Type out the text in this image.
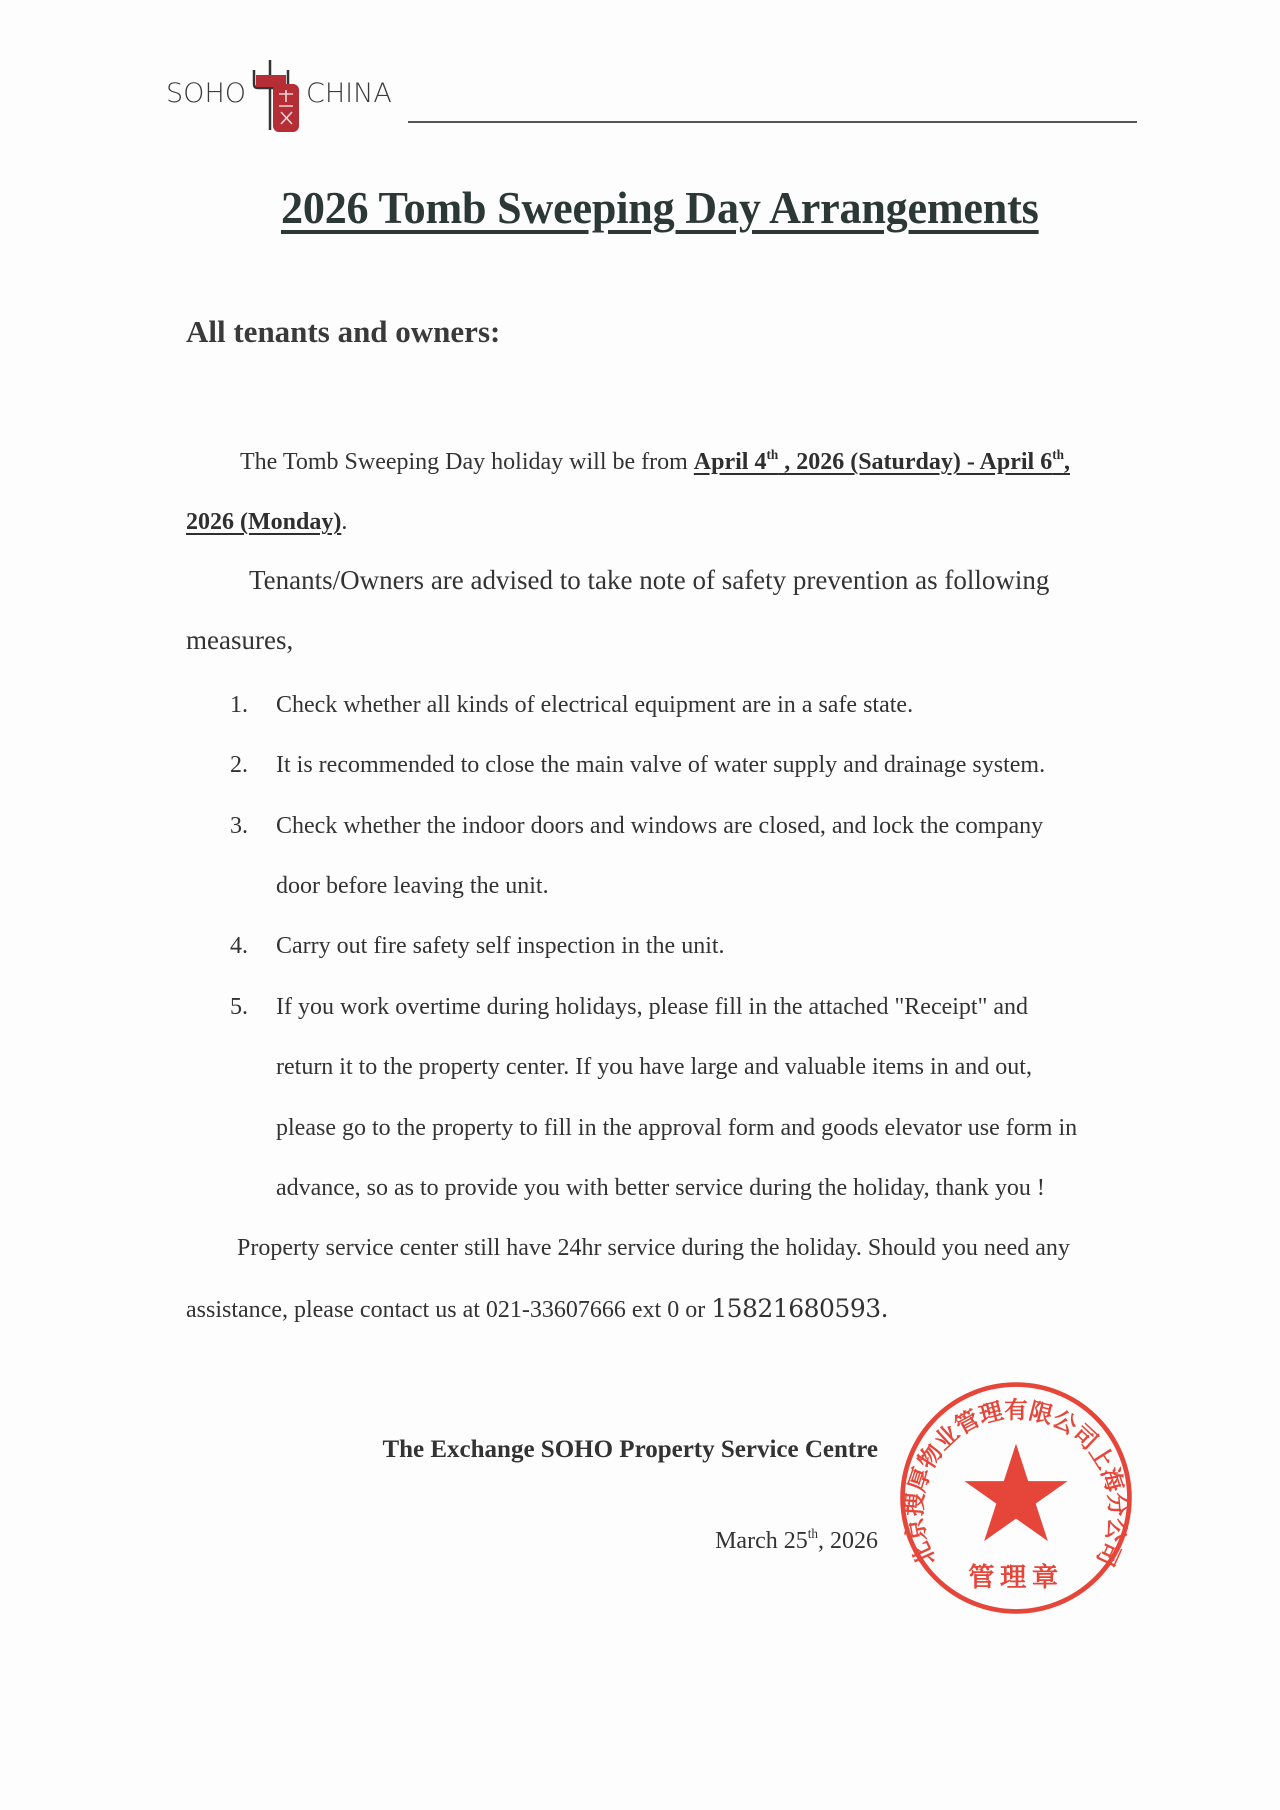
SOHO CHINA
2026 Tomb Sweeping Day Arrangements
All tenants and owners:
The Tomb Sweeping Day holiday will be from April 4th , 2026 (Saturday) - April 6th,
2026 (Monday).
Tenants/Owners are advised to take note of safety prevention as following
measures,
1. Check whether all kinds of electrical equipment are in a safe state.
2. It is recommended to close the main valve of water supply and drainage system.
3. Check whether the indoor doors and windows are closed, and lock the company
door before leaving the unit.
4. Carry out fire safety self inspection in the unit.
5. If you work overtime during holidays, please fill in the attached "Receipt" and
return it to the property center. If you have large and valuable items in and out,
please go to the property to fill in the approval form and goods elevator use form in
advance, so as to provide you with better service during the holiday, thank you !
Property service center still have 24hr service during the holiday. Should you need any
assistance, please contact us at 021-33607666 ext 0 or 15821680593.
The Exchange SOHO Property Service Centre
March 25th, 2026 北京搜厚物业管理有限公司上海分公司
管理章
